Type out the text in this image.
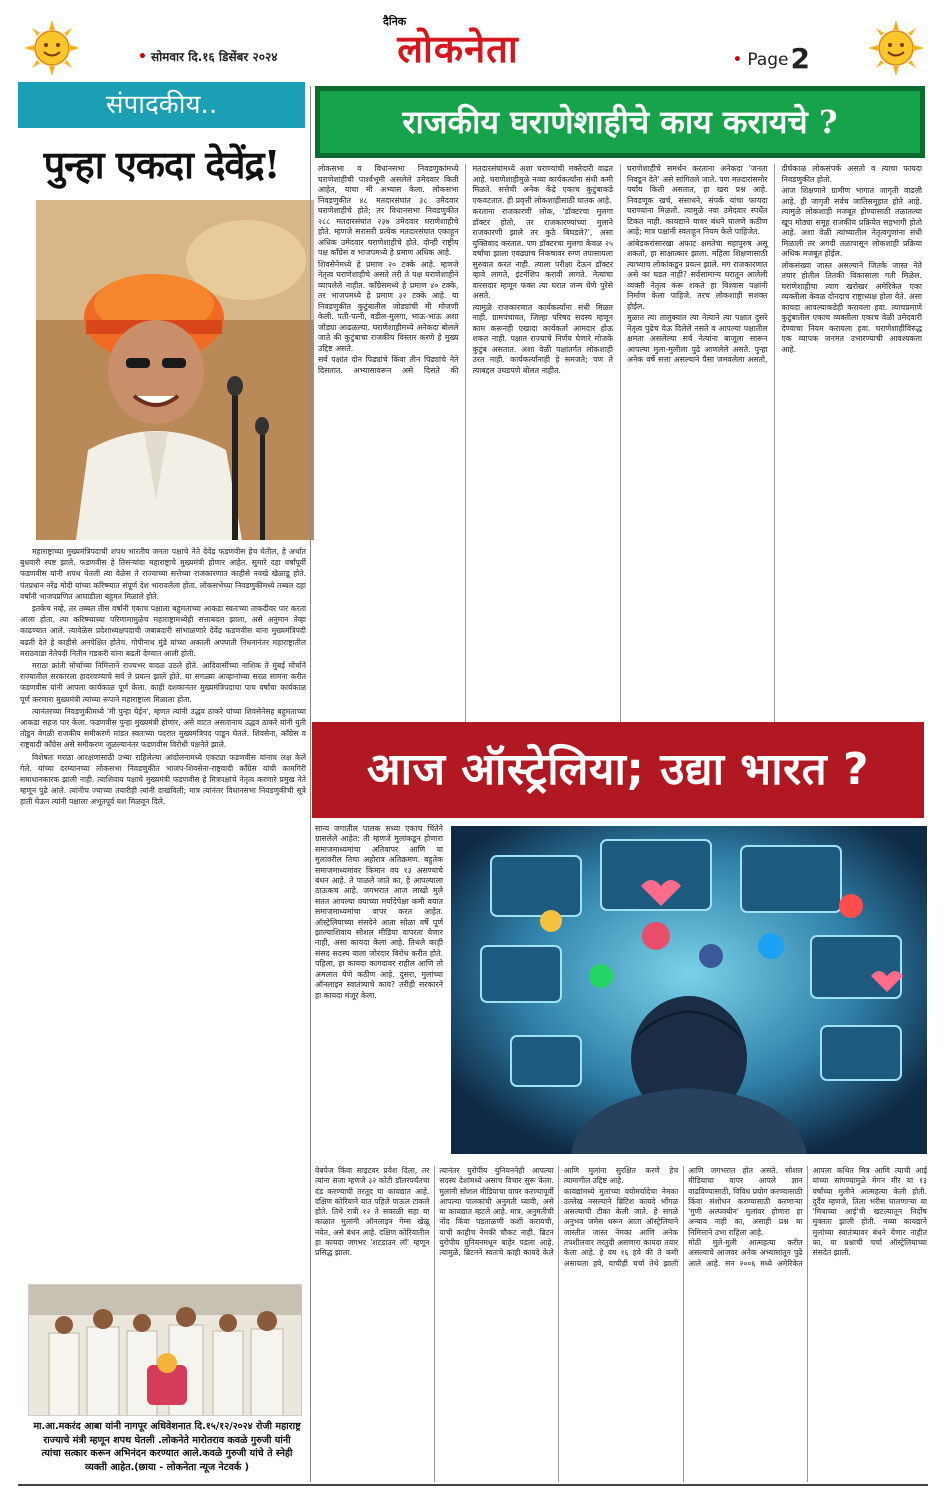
• सोमवार दि.१६ डिसेंबर २०२४
दैनिक
लोकनेता	• Page2
संपादकीय..
पुन्हा एकदा देवेंद्र!

महाराष्ट्राच्या मुख्यमंत्रिपदाची शपथ भारतीय जनता पक्षाचे नेते देवेंद्र फडणवीस हेच घेतील, हे अर्थात बुधवारी स्पष्ट झाले. फडणवीस हे तिसऱ्यांदा महाराष्ट्राचे मुख्यमंत्री होणार आहेत. सुमारे दहा वर्षांपूर्वी फडणवीस यांनी शपथ घेतली त्या वेळेस ते राज्याच्या सत्तेच्या राजकारणात काहीसे नवखे खेळाडू होते. पंतप्रधान नरेंद्र मोदी यांच्या करिष्म्यात संपूर्ण देश भारावलेला होता. लोकसभेच्या निवडणुकीमध्ये तब्बल दहा वर्षांनी भाजपप्रणित आघाडीला बहुमत मिळाले होते.

इतकेच नव्हे, तर तब्बल तीस वर्षांनी एकाच पक्षाला बहुमताच्या आकडा स्वतःच्या ताकदीवर पार करता आला होता. त्या करिष्म्याच्या परिणामामुळेच महाराष्ट्रामध्येही सत्ताबदल झाला, असे अनुमान तेव्हा काढण्यात आले. त्यावेळेस प्रदेशाध्यक्षपदाची जबाबदारी सांभाळणारे देवेंद्र फडणवीस यांना मुख्यमंत्रिपदी बढती देते हे काहीसे अनपेक्षित होतेच. गोपीनाथ मुंडे यांच्या अकाली अपघाती निधनानंतर महाराष्ट्रातील मराठवाडा नेतेपदी नितीन गडकरी यांना बढती देण्यात आली होती.

मराठा क्रांती मोर्चाच्या निमित्ताने राज्यभर वादळ उठले होते. आदिवासींच्या नाशिक ते मुंबई मोर्चाने राज्यातील सरकारला हादरवण्याचे सर्व ते प्रयत्न झाले होते. या सगळ्या आव्हानांच्या सरळ सामना करीत फडणवीस यांनी आपला कार्यकाळ पूर्ण केला. काही दशकानंतर मुख्यमंत्रिपदाचा पाच वर्षांचा कार्यकाळ पूर्ण करणारा मुख्यमंत्री त्यांच्या रूपाने महाराष्ट्राला मिळाला होता.

त्यानंतरच्या निवडणुकीमध्ये 'मी पुन्हा येईन', म्हणत त्यांनी उद्धव ठाकरे यांच्या शिवसेनेसह बहुमताच्या आकडा सहज पार केला. फडणवीस पुन्हा मुख्यमंत्री होणार, असे वाटत असतानाच उद्धव ठाकरे यांनी युती तोडून वेगळी राजकीय समीकरणे मांडत स्वतःच्या पदरात मुख्यमंत्रिपद पाडून घेतले. शिवसेना, काँग्रेस व राष्ट्रवादी काँग्रेस असे समीकरण जुळल्यानंतर फडणवीस विरोधी पक्षनेते झाले.

विशेषतः मराठा आरक्षणासाठी उभ्या राहिलेल्या आंदोलनामध्ये एकट्या फडणवीस यांनाच लक्ष केले गेले. यांच्या दरम्यानच्या लोकसभा निवडणुकीत भाजप-शिवसेना-राष्ट्रवादी काँग्रेस यांची कामगिरी समाधानकारक झाली नाही. त्याशिवाय पक्षाचे मुख्यमंत्री फडणवीस हे मित्रपक्षांचे नेतृत्व करणारे प्रमुख नेते म्हणून पुढे आले. त्यांनीच ज्याच्या तयारीही त्यांनी दाखविली; मात्र त्यांनंतर विधानसभा निवडणुकीची सूत्रे हाती घेऊन त्यांनी पक्षाला अभूतपूर्व यश मिळवून दिले.

मा.आ.मकरंद आबा यांनी नागपूर अधिवेशनात दि.१५/१२/२०२४ रोजी महाराष्ट्र राज्याचे मंत्री म्हणून शपथ घेतली .लोकनेते मारोतराव कवळे गुरुजी यांनी त्यांचा सत्कार करून अभिनंदन करण्यात आले.कवळे गुरुजी यांचे ते स्नेही व्यक्ती आहेत.(छाया - लोकनेता न्यूज नेटवर्क )
राजकीय घराणेशाहीचे काय करायचे ?

लोकसभा व विधानसभा निवडणुकांमध्ये घराणेशाहीची पार्श्वभूमी असलेले उमेदवार किती आहेत, याचा मी अभ्यास केला. लोकसभा निवडणुकीत ४८ मतदारसंघांत ३८ उमेदवार घराणेशाहीचे होते; तर विधानसभा निवडणुकीत २८८ मतदारसंघांत २३७ उमेदवार घराणेशाहीचे होते. म्हणजे सरासरी प्रत्येक मतदारसंघात एकाहून अधिक उमेदवार घराणेशाहीचे होते. दोन्ही राष्ट्रीय पक्ष काँग्रेस व भाजपमध्ये हे प्रमाण अधिक आहे.

शिवसेनेमध्ये हे प्रमाण २० टक्के आहे. म्हणजे नेतृत्व घराणेशाहीचे असते तरी ते पक्ष घराणेशाहीने व्यापलेले नाहीत. काँग्रेसमध्ये हे प्रमाण ४० टक्के, तर भाजपमध्ये हे प्रमाण ३२ टक्के आहे. या निवडणुकीत कुटुंबातील जोड्यांची मी मोजणी केली. पती-पत्नी, वडील-मुलगा, भाऊ-भाऊ अशा जोड्या आढळल्या. घराणेशाहीमध्ये अनेकदा बोलले जाते की कुटुंबाचा राजकीय विस्तार करणे हे मुख्य उद्दिष्ट असते.

सर्व पक्षांत दोन पिढ्यांचे किंवा तीन पिढ्यांचे नेते दिसतात. अभ्यासावरून असे दिसते की मतदारसंघांमध्ये अशा घराण्यांची मक्तेदारी वाढत आहे. घराणेशाहीमुळे नव्या कार्यकर्त्यांना संधी कमी मिळते. सत्तेची अनेक केंद्रे एकाच कुटुंबाकडे एकवटतात. ही प्रवृत्ती लोकशाहीसाठी घातक आहे.

करताना राजकारणी लोक, 'डॉक्टरचा मुलगा डॉक्टर होतो, तर राजकारण्यांच्या मुलाने राजकारणी झाले तर कुठे बिघडले?', असा युक्तिवाद करतात. पण डॉक्टरचा मुलगा केवळ २५ वर्षांचा झाला एवढ्याच निकषावर रुग्ण तपासायला सुरुवात करत नाही. त्याला परीक्षा देऊन डॉक्टर व्हावे लागते, इंटर्नशिप करावी लागते. नेत्यांचा वारसदार म्हणून फक्त त्या घरात जन्म घेणे पुरेसे असते.

त्यामुळे राजकारणात कार्यकर्त्यांना संधी मिळत नाही. ग्रामपंचायत, जिल्हा परिषद सदस्य म्हणून काम करूनही एखादा कार्यकर्ता आमदार होऊ शकत नाही. पक्षात राज्याचे निर्णय घेणारे मोजके कुटुंब असतात. अशा वेळी पक्षांतर्गत लोकशाही उरत नाही. कार्यकर्त्यांनाही हे समजते; पण ते त्याबद्दल उघडपणे बोलत नाहीत.

घराणेशाहीचे समर्थन करताना अनेकदा 'जनता निवडून देते' असे सांगितले जाते. पण मतदारांसमोर पर्याय किती असतात, हा खरा प्रश्न आहे. निवडणूक खर्च, संसाधने, संपर्क यांचा फायदा घराण्यांना मिळतो. त्यामुळे नवा उमेदवार स्पर्धेत टिकत नाही. कायद्याने यावर बंधने घालणे कठीण आहे; मात्र पक्षांनी स्वतःहून नियम केले पाहिजेत.

आंबेडकरांसारखा अफाट क्षमतेचा महापुरुष असू शकतो, हा साक्षात्कार झाला. महिला शिक्षणासाठी त्याच्याच लोकांकडून प्रयत्न झाले. मग राजकारणात असे का घडत नाही? सर्वसामान्य घरातून आलेली व्यक्ती नेतृत्व करू शकते हा विश्वास पक्षांनी निर्माण केला पाहिजे. तरच लोकशाही सशक्त होईल.

मुळात त्या तालुक्यात त्या नेत्याने त्या पक्षात दुसरे नेतृत्व पुढेच येऊ दिलेले नसते व आपल्या पक्षातील क्षमता असलेल्या सर्व नेत्यांना बाजूला सारून आपल्या मुला-मुलीला पुढे आणलेले असते. पुन्हा अनेक वर्षे सत्ता असल्याने पैसा जमवलेला असतो, दीर्घकाळ लोकसंपर्क असतो व त्याचा फायदा निवडणुकीत होतो.

आज शिक्षणाने ग्रामीण भागात जागृती वाढली आहे. ही जागृती सर्वच जातिसमूहात होते आहे. त्यामुळे लोकशाही मजबूत होण्यासाठी तळातल्या खूप मोठ्या समूह राजकीय प्रक्रियेत सहभागी होतो आहे. अशा वेळी त्यांच्यातील नेतृत्वगुणांना संधी मिळाली तर अगदी तळापासून लोकशाही प्रक्रिया अधिक मजबूत होईल.

लोकसंख्या जास्त असल्याने जितके जास्त नेते तयार होतील तितकी विकासाला गती मिळेल. घराणेशाहीचा त्याग खरोखर अमेरिकेत एका व्यक्तीला केवळ दोनदाच राष्ट्राध्यक्ष होता येते. असा कायदा आपल्याकडेही करायला हवा. त्याचप्रमाणे कुटुंबातील एकाच व्यक्तीला एकाच वेळी उमेदवारी देण्याचा नियम करायला हवा. घराणेशाहीविरुद्ध एक व्यापक जनमत उभारण्याची आवश्यकता आहे.

आज ऑस्ट्रेलिया; उद्या भारत ?
सान्य जगातील पालक सध्या एकाच चिंतेने ग्रासलेले आहेत: ती म्हणजे मुलांकडून होणारा समाजमाध्यमांचा अतिवापर आणि या मुलांवरील तिचा अहोरात्र अतिक्रमण. बहुतेक समाजमाध्यमांवर किमान वय १३ असण्याचे बंधन आहे. ते पाळले जाते का, हे आपल्याला ठाऊकच आहे. जगभरात आज लाखो मुले सतत आपल्या वयाच्या मर्यादेपेक्षा कमी वयात समाजमाध्यमांचा वापर करत आहेत. ऑस्ट्रेलियाच्या संसदेने आता सोळा वर्षे पूर्ण झाल्याशिवाय सोशल मीडिया वापरता येणार नाही, असा कायदा केला आहे. तिथले काही संसद सदस्य याला जोरदार विरोध करीत होते. पहिला, हा कायदा कागदावर राहील आणि तो अमलात येणे कठीण आहे. दुसरा, मुलांच्या ऑनलाइन स्वातंत्र्याचे काय? तरीही सरकारने हा कायदा मंजूर केला.

वेबपेज किंवा साइटवर प्रवेश दिला, तर त्यांना सजा म्हणजे ३२ कोटी डॉलरपर्यंतचा दंड करण्याची तरतूद या कायद्यात आहे. दक्षिण कोरियाने यात पहिले पाऊल टाकले होते. तिथे रात्री १२ ते सकाळी सहा या काळात मुलांनी ऑनलाइन गेम्स खेळू नयेत, असे बंधन आहे. दक्षिण कोरियातील हा कायदा जगभर 'शटडाउन लॉ' म्हणून प्रसिद्ध झाला.

त्यानंतर युरोपीय युनियननेही आपल्या सदस्य देशांमध्ये असाच विचार सुरू केला. मुलांनी सोशल मीडियाचा वापर करण्यापूर्वी आपल्या पालकांची अनुमती घ्यावी, असे या कायद्यात म्हटले आहे. मात्र, अनुमतीची नोंद किंवा पडताळणी कशी करायची, याची काहीच नेमकी चौकट नाही. ब्रिटन युरोपीय युनियनमधून बाहेर पडला आहे. त्यामुळे, ब्रिटनने स्वतःचे काही कायदे केले आणि मुलांना सुरक्षित करणे हेच त्यामागील उद्दिष्ट आहे.

कायद्यांमध्ये मुलांच्या वयोमर्यादेचा नेमका उल्लेख नसल्याने ब्रिटिश कायदे भोंगळ असल्याची टीका केली जाते. हे सगळे अनुभव जमेस धरून आता ऑस्ट्रेलियाने जास्तीत जास्त नेमका आणि अनेक तपशीलवार तरतुदी असणारा कायदा तयार केला आहे. हे वय १६ हवे की ते कमी असायला हवे, याचीही चर्चा तेथे झाली आणि जगभरात होत असते. सोशल मीडियाचा वापर आपले ज्ञान वाढविण्यासाठी, विविध प्रयोग करण्यासाठी किंवा संशोधन करण्यासाठी करणाऱ्या 'गुणी अल्पवयीन' मुलांवर होणारा हा अन्याय नाही का, असाही प्रश्न या निमित्ताने उभा राहिला आहे.

मोठी मुले-मुली आत्महत्या करीत असल्याचे आजवर अनेक अभ्यासांतून पुढे आले आहे. सन २००६ मध्ये अमेरिकेत आपला कथित मित्र आणि त्याची आई यांच्या सांगण्यामुळे मेगन मीर या १३ वर्षांच्या मुलीने आत्महत्या केली होती. दुर्दैव म्हणजे, तिला भरीस घालणाऱ्या या 'मित्राच्या आई'ची खटल्यातून निर्दोष मुक्तता झाली होती. नव्या कायद्याने मुलांच्या स्वातंत्र्यावर बंधने येणार नाहीत का, या प्रश्नाची चर्चा ऑस्ट्रेलियाच्या संसदेत झाली.
